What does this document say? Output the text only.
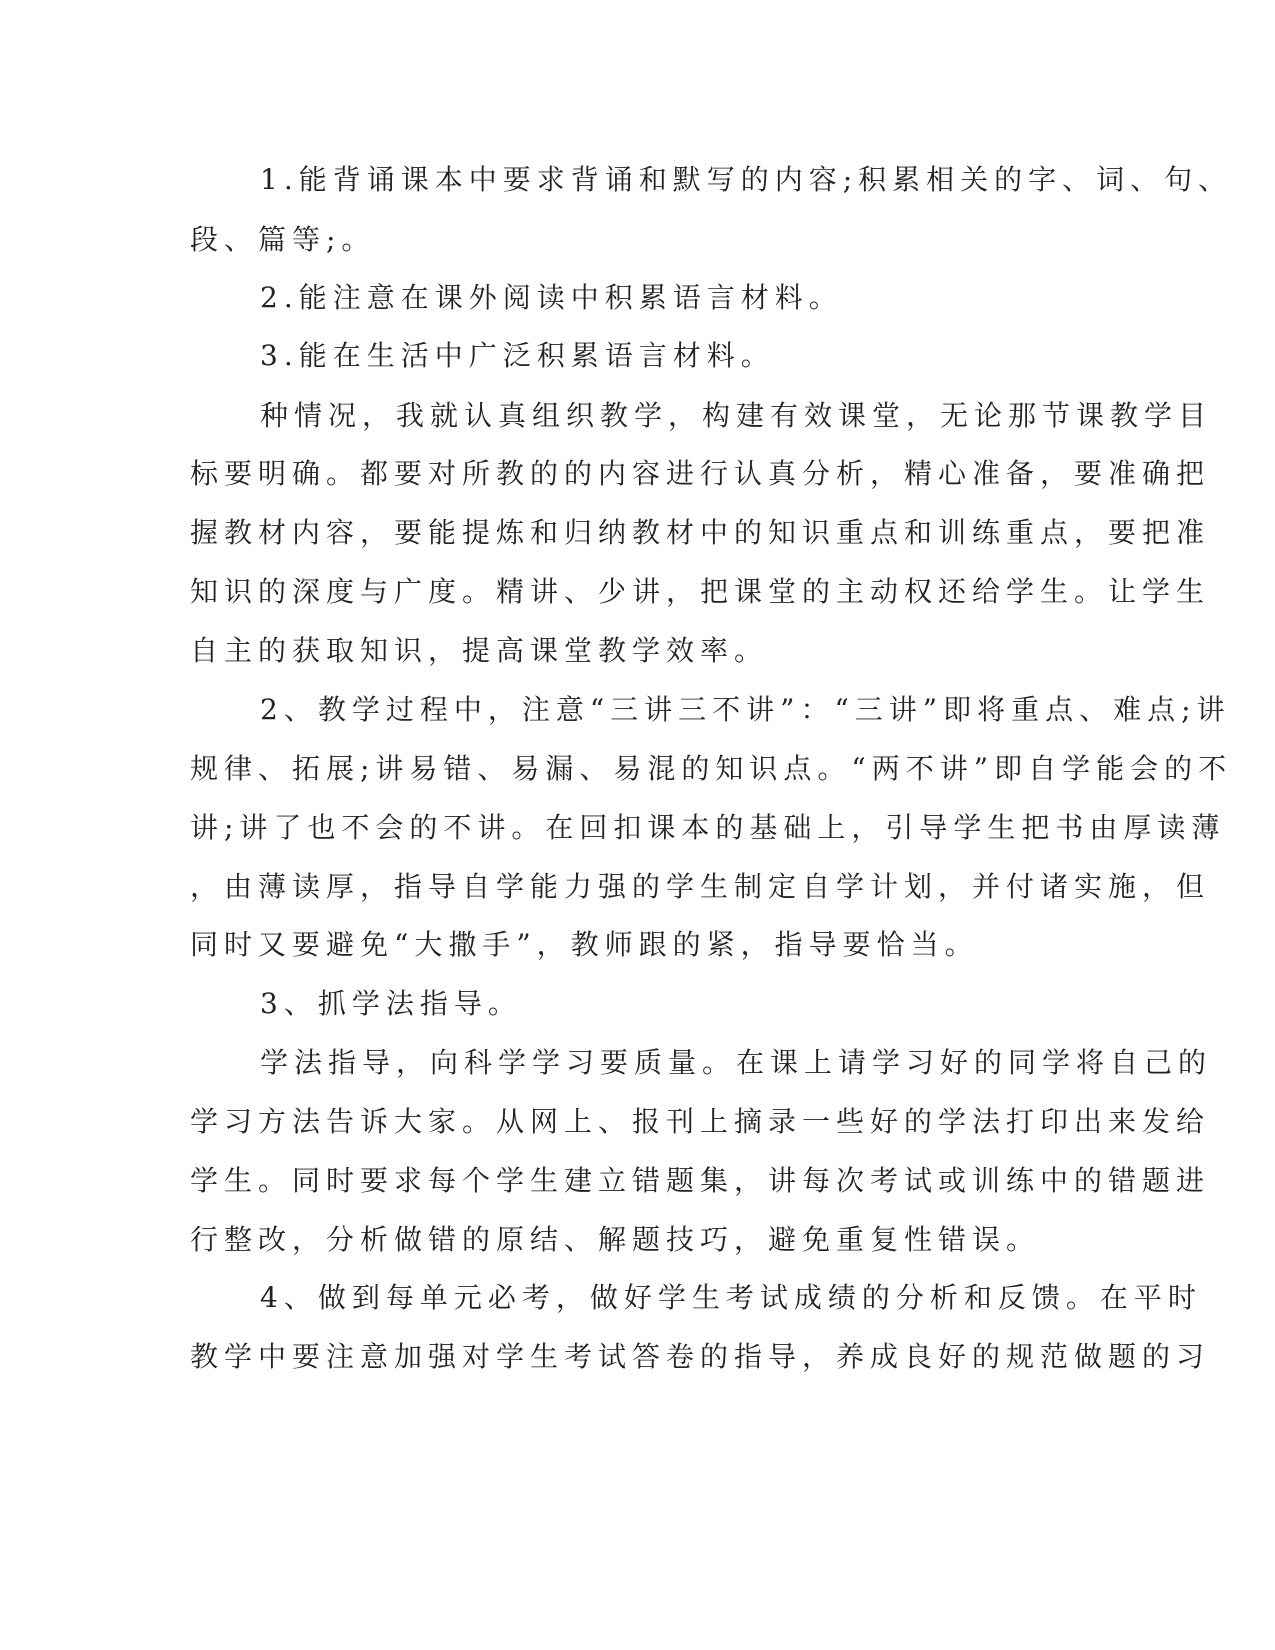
1.能背诵课本中要求背诵和默写的内容;积累相关的字、词、句、
段、篇等;。
2.能注意在课外阅读中积累语言材料。
3.能在生活中广泛积累语言材料。
种情况，我就认真组织教学，构建有效课堂，无论那节课教学目
标要明确。都要对所教的的内容进行认真分析，精心准备，要准确把
握教材内容，要能提炼和归纳教材中的知识重点和训练重点，要把准
知识的深度与广度。精讲、少讲，把课堂的主动权还给学生。让学生
自主的获取知识，提高课堂教学效率。
2、教学过程中，注意“三讲三不讲”：“三讲”即将重点、难点;讲
规律、拓展;讲易错、易漏、易混的知识点。“两不讲”即自学能会的不
讲;讲了也不会的不讲。在回扣课本的基础上，引导学生把书由厚读薄
，由薄读厚，指导自学能力强的学生制定自学计划，并付诸实施，但
同时又要避免“大撒手”，教师跟的紧，指导要恰当。
3、抓学法指导。
学法指导，向科学学习要质量。在课上请学习好的同学将自己的
学习方法告诉大家。从网上、报刊上摘录一些好的学法打印出来发给
学生。同时要求每个学生建立错题集，讲每次考试或训练中的错题进
行整改，分析做错的原结、解题技巧，避免重复性错误。
4、做到每单元必考，做好学生考试成绩的分析和反馈。在平时
教学中要注意加强对学生考试答卷的指导，养成良好的规范做题的习
